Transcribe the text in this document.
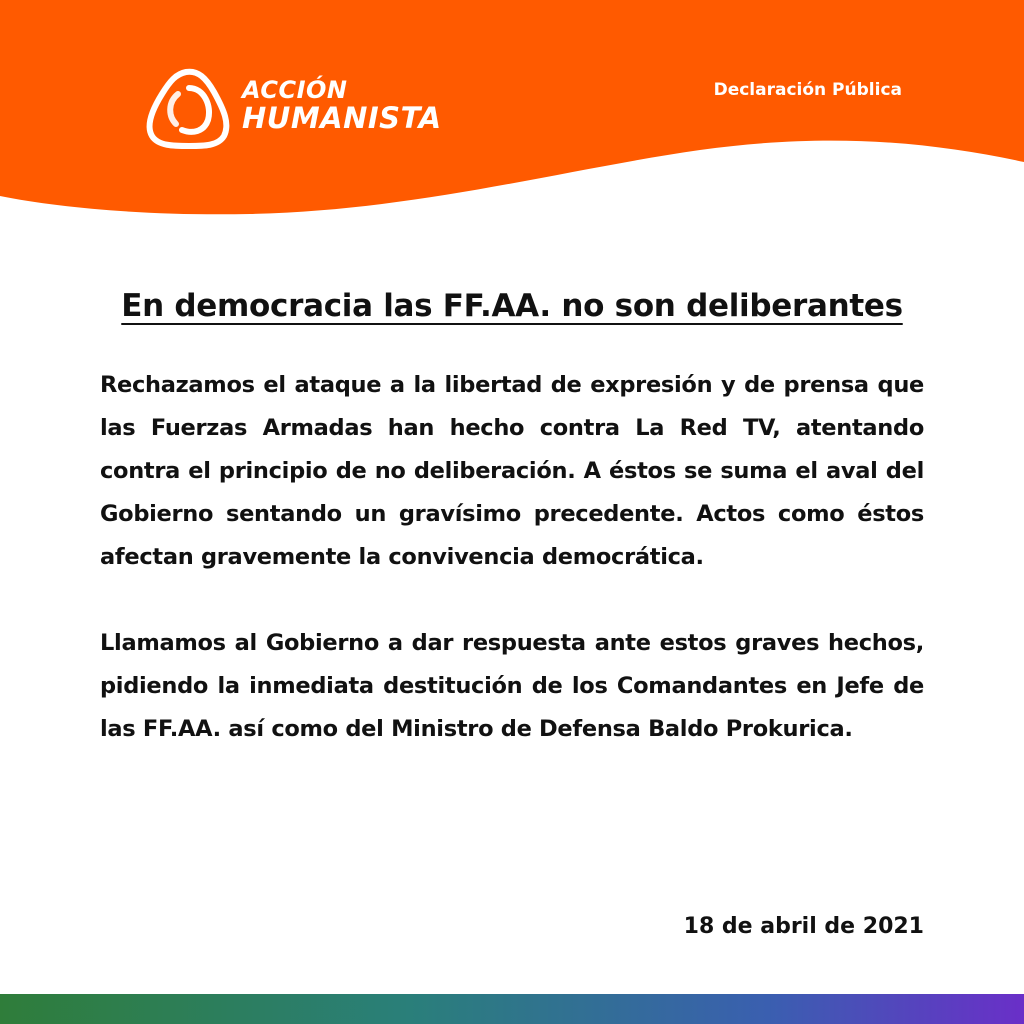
ACCIÓN
HUMANISTA
Declaración Pública
En democracia las FF.AA. no son deliberantes

Rechazamos el ataque a la libertad de expresión y de prensa que las Fuerzas Armadas han hecho contra La Red TV, atentando contra el principio de no deliberación. A éstos se suma el aval del Gobierno sentando un gravísimo precedente. Actos como éstos afectan gravemente la convivencia democrática.

Llamamos al Gobierno a dar respuesta ante estos graves hechos, pidiendo la inmediata destitución de los Comandantes en Jefe de las FF.AA. así como del Ministro de Defensa Baldo Prokurica.

18 de abril de 2021
